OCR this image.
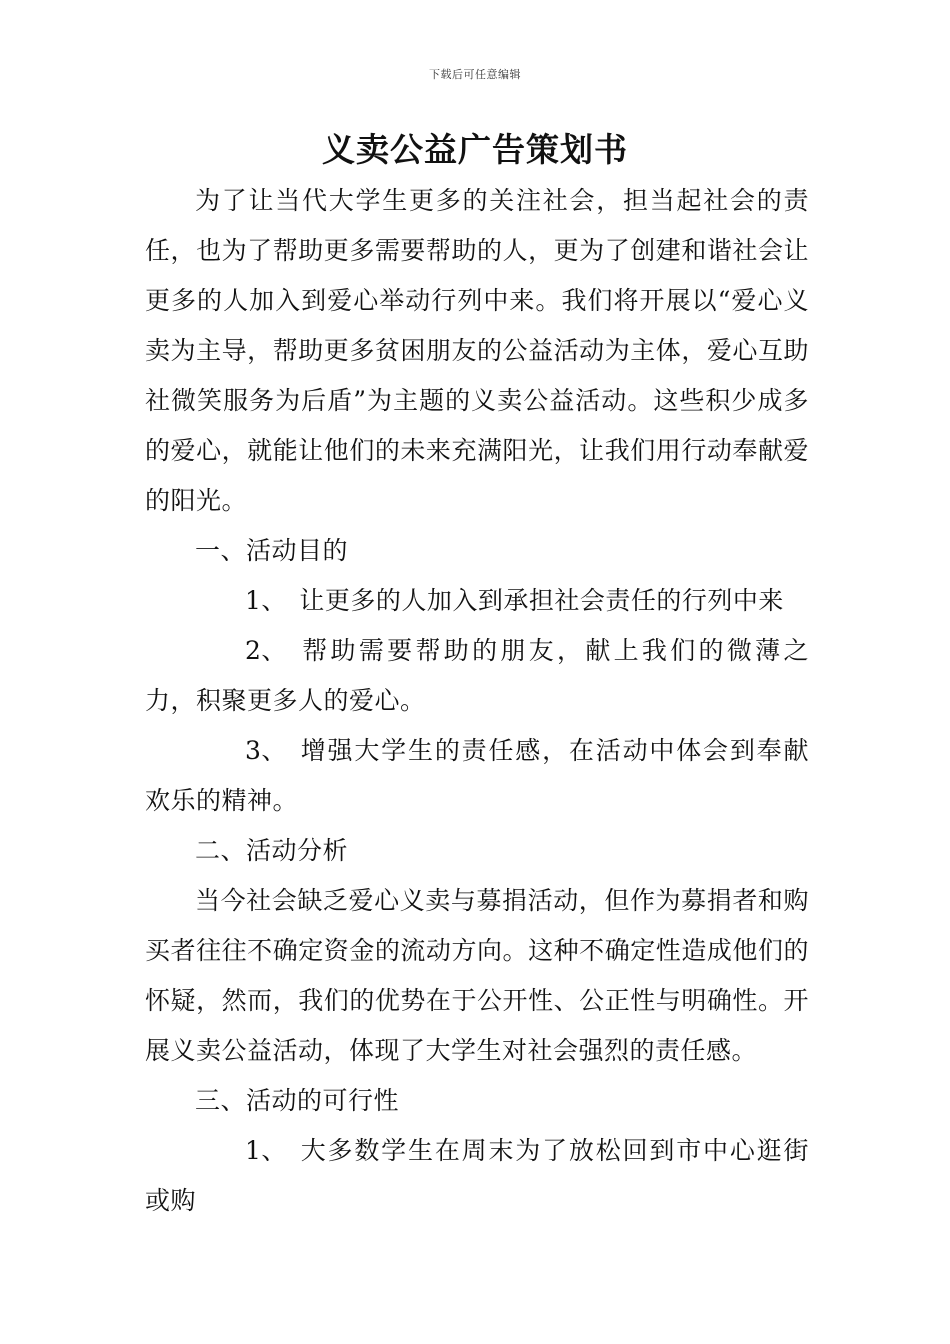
下载后可任意编辑
义卖公益广告策划书

为了让当代大学生更多的关注社会，担当起社会的责任，也为了帮助更多需要帮助的人，更为了创建和谐社会让更多的人加入到爱心举动行列中来。我们将开展以“爱心义卖为主导，帮助更多贫困朋友的公益活动为主体，爱心互助社微笑服务为后盾”为主题的义卖公益活动。这些积少成多的爱心，就能让他们的未来充满阳光，让我们用行动奉献爱的阳光。

一、活动目的

1、 让更多的人加入到承担社会责任的行列中来

2、 帮助需要帮助的朋友，献上我们的微薄之力，积聚更多人的爱心。

3、 增强大学生的责任感，在活动中体会到奉献欢乐的精神。

二、活动分析

当今社会缺乏爱心义卖与募捐活动，但作为募捐者和购买者往往不确定资金的流动方向。这种不确定性造成他们的怀疑，然而，我们的优势在于公开性、公正性与明确性。开展义卖公益活动，体现了大学生对社会强烈的责任感。

三、活动的可行性

1、 大多数学生在周末为了放松回到市中心逛街或购
